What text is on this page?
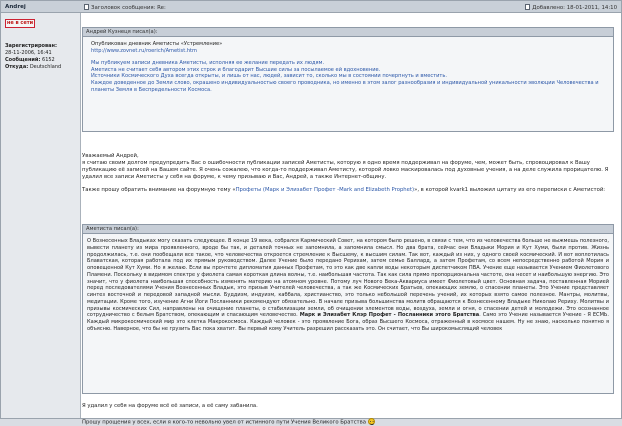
Andrej	Заголовок сообщения: Re:	Добавлено: 18-01-2011, 14:10
не в сети
Зарегистрирован:
28-11-2006, 16:41
Сообщений: 6152
Откуда: Deutschland
Андрей Кузнеця писал(а):
Опубликован дневник Аметисты «Устремление»
http://www.zovnet.ru/roerich/Ametist.htm
Мы публикуем записи дневника Аметисты, исполняя ее желание передать их людям.
Аметиста не считает себя автором этих строк и благодарит Высшие силы за посылаемое ей вдохновение.
Источники Космического Духа всегда открыты, и лишь от нас, людей, зависит то, сколько мы в состоянии почерпнуть и вместить.
Каждое доведенное до Земли слово, окрашено индивидуальностью своего проводника, но именно в этом залог разнообразия и индивидуальной уникальности эволюции Человечества и
планеты Земля в Беспредельности Космоса.
Уважаемый Андрей,
я считаю своим долгом предупредить Вас о ошибочности публикации записей Аметисты, которую я одно время поддерживал на форуме, чем, может быть, спровоцировал к Вашу публикацию её записей на Вашем сайте. Я очень сожалею, что когда-то поддерживал Аметисту, которой ловко маскировалась под духовные учения, а на деле служила прорицателю. Я удалил все записи Аметисты у себя на форуме, к чему призываю и Вас, Андрей, а также Интернет-общину.
Также прошу обратить внимание на форумную тему «Профеты (Марк и Элизабет Профет -Mark and Elizabeth Prophet)», в которой kvark1 выложил цитату из его переписки с Аметистой:
Аметиста писал(а):
О Вознесенных Владыках могу сказать следующее. В конце 19 века, собрался Кармический Совет, на котором было решено, в связи с тем, что из человечества больше не выжмешь полезного, вывести планету из мира проявленного, вроде бы так, и деталей точных не запомнила, а запомнила смысл. Но два брата, сейчас они Владыки Мория и Кут Хуми, были против. Жизнь продолжилась, т.е. они пообещали все такое, что человечества откроется стремление к Высшему, к высшим силам. Так вот, каждый из них, у одного своей космический. И вот воплотилась Блаватская, которая работала под их прямым руководством. Далее Учение было передано Рерихам, затем семье Баллард, а затем Профетам, со всем непосредственно работой Мория и оповещенной Кут Хуми. Но я желаю. Если вы прочтете дипломатия данных Профетам, то это как две капли воды некоторым диспетчиком ПВА. Учение еще называется Учением Фиолетового Пламени. Поскольку в видимом спектре у фиолета самая короткая длина волны, т.е. наибольшая частота. Так как сила прямо пропорциональна частоте, она несет и наибольшую энергию. Это значит, что у фиолета наибольшая способность изменять материю на атомном уровне. Потому луч Нового Века-Аквариуса имеет Фиолетовый цвет. Основная задача, поставленная Морией перед последователями Учения Вознесенных Владык, это призыв Учителей человечества, а так же Космических Братьев, опекающих землю, о спасении планеты. Это Учение представляет синтез восточной и передовой западной мысли. Буддизм, индуизм, каббала, христианство, это только небольшой перечень учений, их которых взято самое полезное. Мантры, молитвы, медитации. Кроме того, изучение Агни Йоги Посланники рекомендуют обязательно. В начале призыва большинства молитв обращаются к Вознесенному Владыке Николаю Рериху. Молитвы и призывы космических Сил, направлены на очищение планеты, о стабилизации земли, об очищении элементов воды, воздуха, земли и огня, о спасении детей и молодежи. Это осознанное сотрудничество с белым Братством, опекающим и спасающим человечество. Марк и Элизабет Клэр Профет - Посланники этого Братства. Само это Учение называется Учение - Я ЕСМЬ. Каждый микрокосмический мир это клетка Макрокосмоса. Каждый человек - это проявление Бога, образ Высшего Космоса, отраженный в космосе нашем. Ну не знаю, насколько понятно я объясню. Наверное, что бы не грузить Вас пока хватит. Вы первый кому Учитель разрешил рассказать это. Он считает, что Вы широкомыслящий человек
Я удалил у себя на форуме всё её записи, а её саму забанила.
Прошу прощения у всех, если я кого-то невольно увел от истинного пути Учения Великого Братства
